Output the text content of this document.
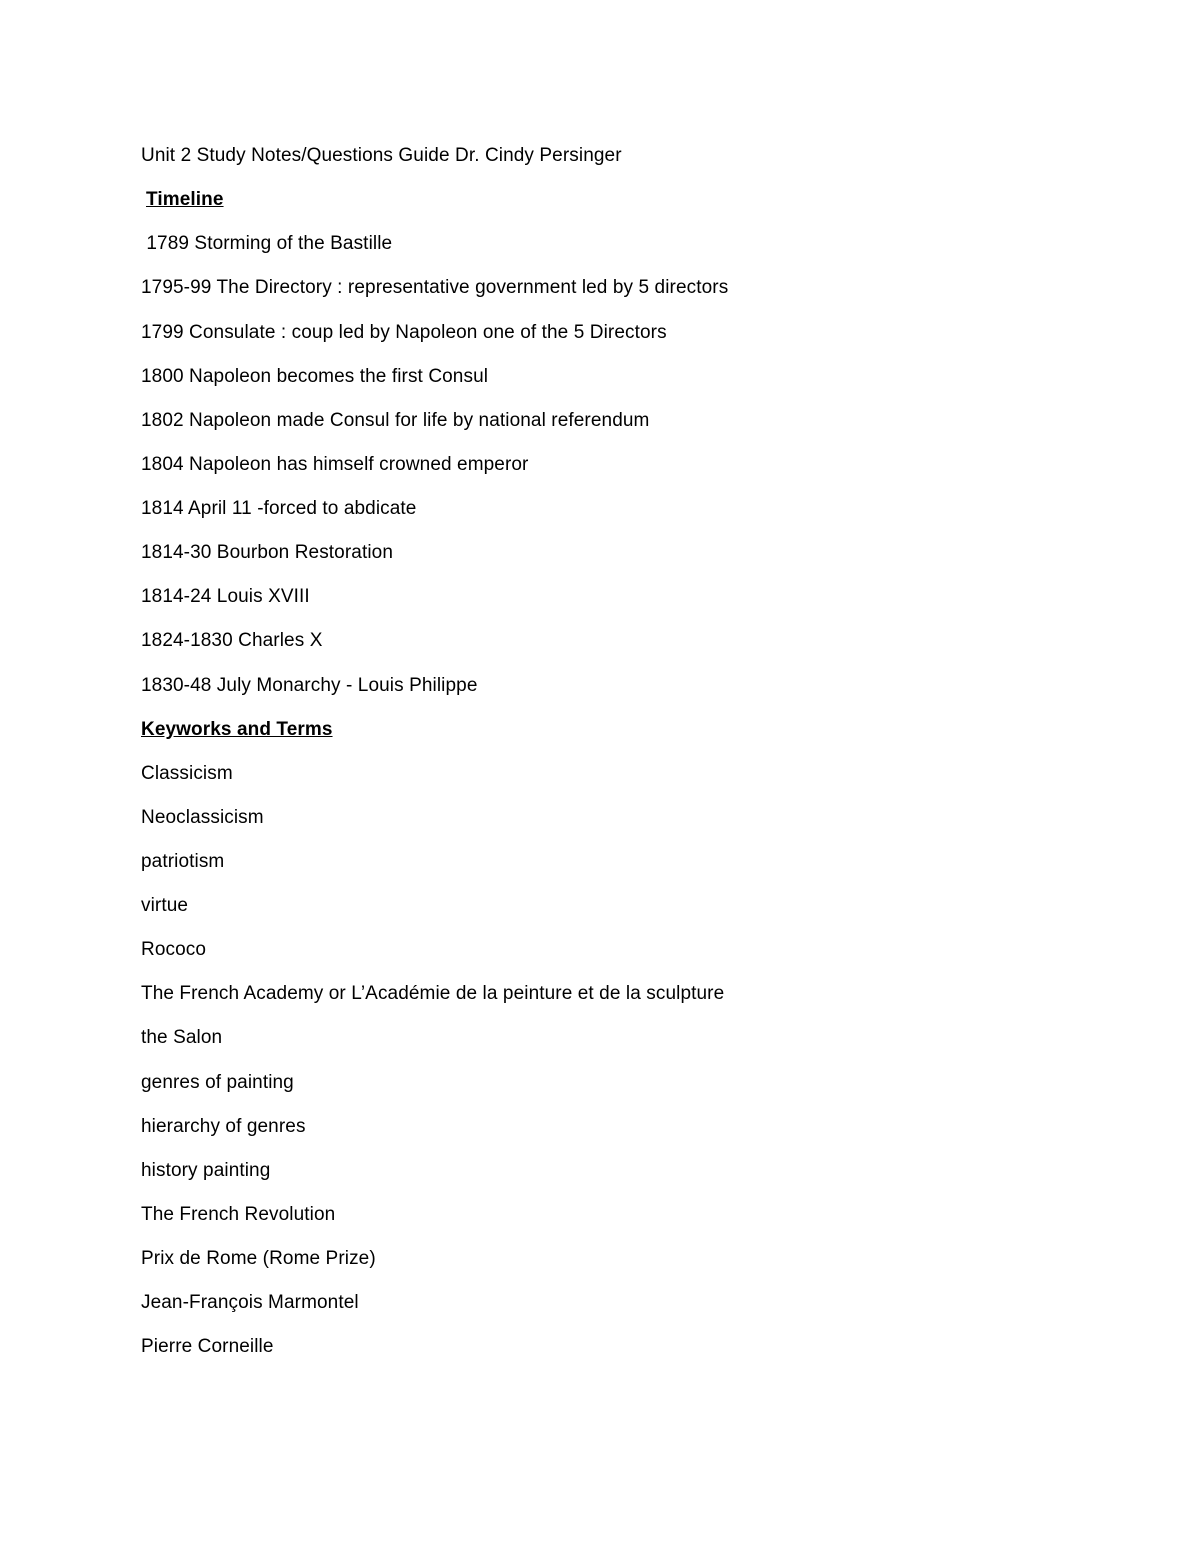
Unit 2 Study Notes/Questions Guide Dr. Cindy Persinger
Timeline
1789 Storming of the Bastille
1795-99 The Directory : representative government led by 5 directors
1799 Consulate : coup led by Napoleon one of the 5 Directors
1800 Napoleon becomes the first Consul
1802 Napoleon made Consul for life by national referendum
1804 Napoleon has himself crowned emperor
1814 April 11 -forced to abdicate
1814-30 Bourbon Restoration
1814-24 Louis XVIII
1824-1830 Charles X
1830-48 July Monarchy - Louis Philippe
Keyworks and Terms
Classicism
Neoclassicism
patriotism
virtue
Rococo
The French Academy or L’Académie de la peinture et de la sculpture
the Salon
genres of painting
hierarchy of genres
history painting
The French Revolution
Prix de Rome (Rome Prize)
Jean-François Marmontel
Pierre Corneille
